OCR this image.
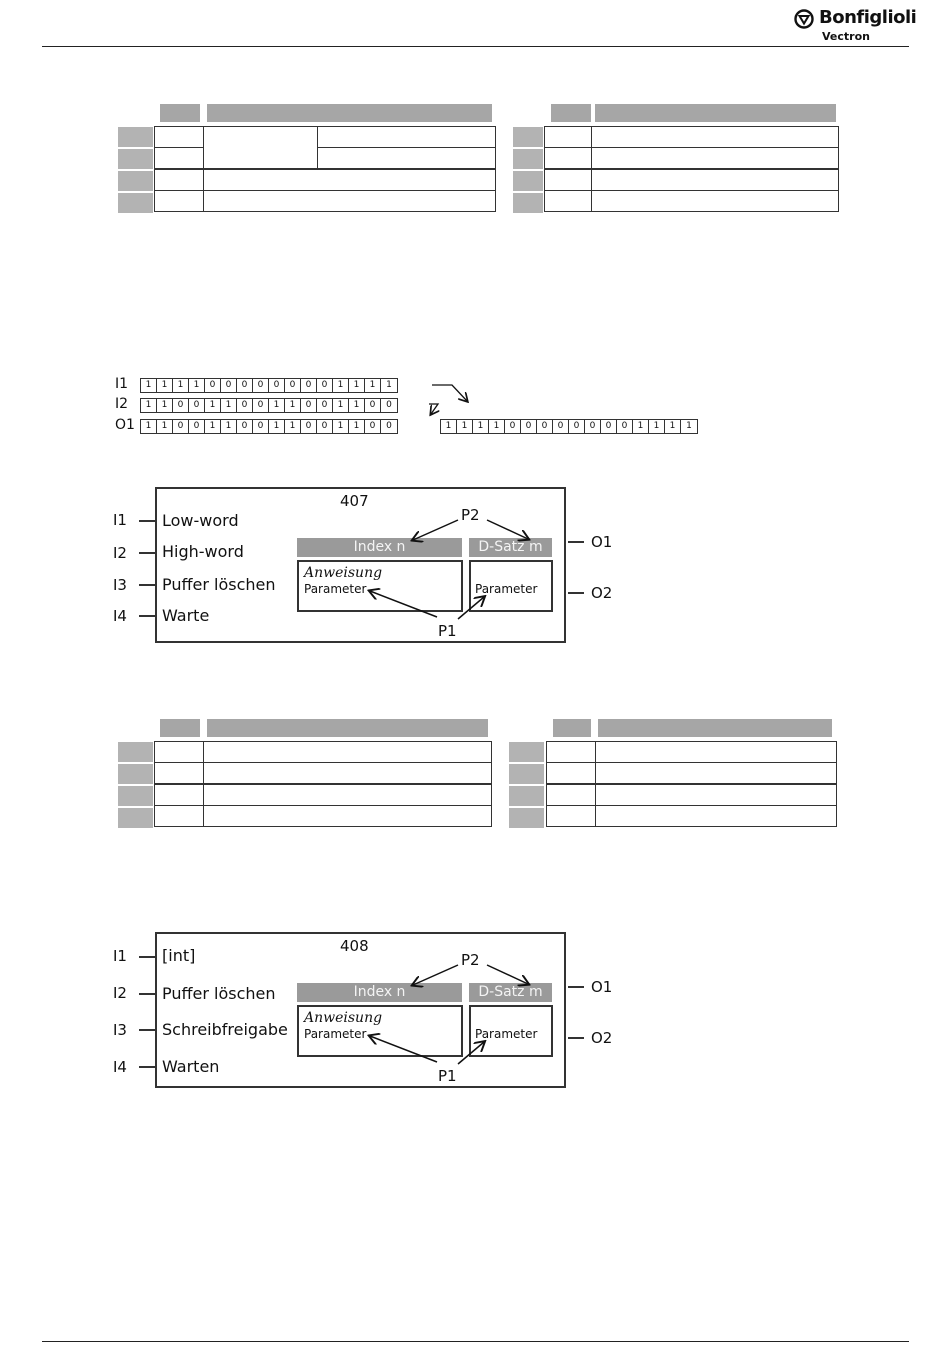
Bonfiglioli
Vectron
I1
I2
O1
1	1	1	1	0	0	0	0	0	0	0	0	1	1	1	1
1	1	0	0	1	1	0	0	1	1	0	0	1	1	0	0
1	1	0	0	1	1	0	0	1	1	0	0	1	1	0	0	1	1	1	1	0	0	0	0	0	0	0	0	1	1	1	1
407
I1
I2
I3
I4
Low-word
High-word
Puffer löschen
Warte
Index n	D-Satz m
Anweisung
Parameter	Parameter
P2
P1
O1
O2
408
I1
I2
I3
I4
[int]
Puffer löschen
Schreibfreigabe
Warten
Index n	D-Satz m
Anweisung
Parameter	Parameter
P2
P1
O1
O2
